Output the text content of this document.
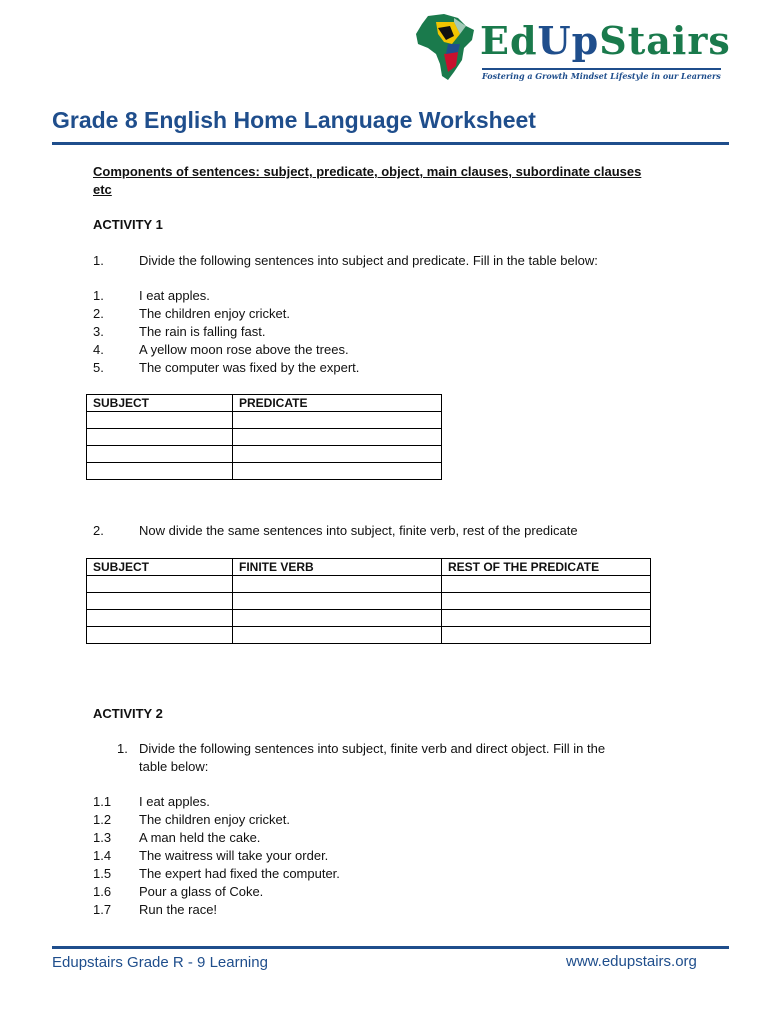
EdUpStairs
Fostering a Growth Mindset Lifestyle in our Learners
Grade 8 English Home Language Worksheet
Components of sentences: subject, predicate, object, main clauses, subordinate clauses
etc
ACTIVITY 1
1.	Divide the following sentences into subject and predicate. Fill in the table below:
1.	I eat apples.
2.	The children enjoy cricket.
3.	The rain is falling fast.
4.	A yellow moon rose above the trees.
5.	The computer was fixed by the expert.
SUBJECT	PREDICATE

2.	Now divide the same sentences into subject, finite verb, rest of the predicate
SUBJECT	FINITE VERB	REST OF THE PREDICATE

ACTIVITY 2
1. Divide the following sentences into subject, finite verb and direct object. Fill in the
table below:
1.1 I eat apples.
1.2 The children enjoy cricket.
1.3 A man held the cake.
1.4 The waitress will take your order.
1.5 The expert had fixed the computer.
1.6 Pour a glass of Coke.
1.7 Run the race!
Edupstairs Grade R - 9 Learning	www.edupstairs.org
